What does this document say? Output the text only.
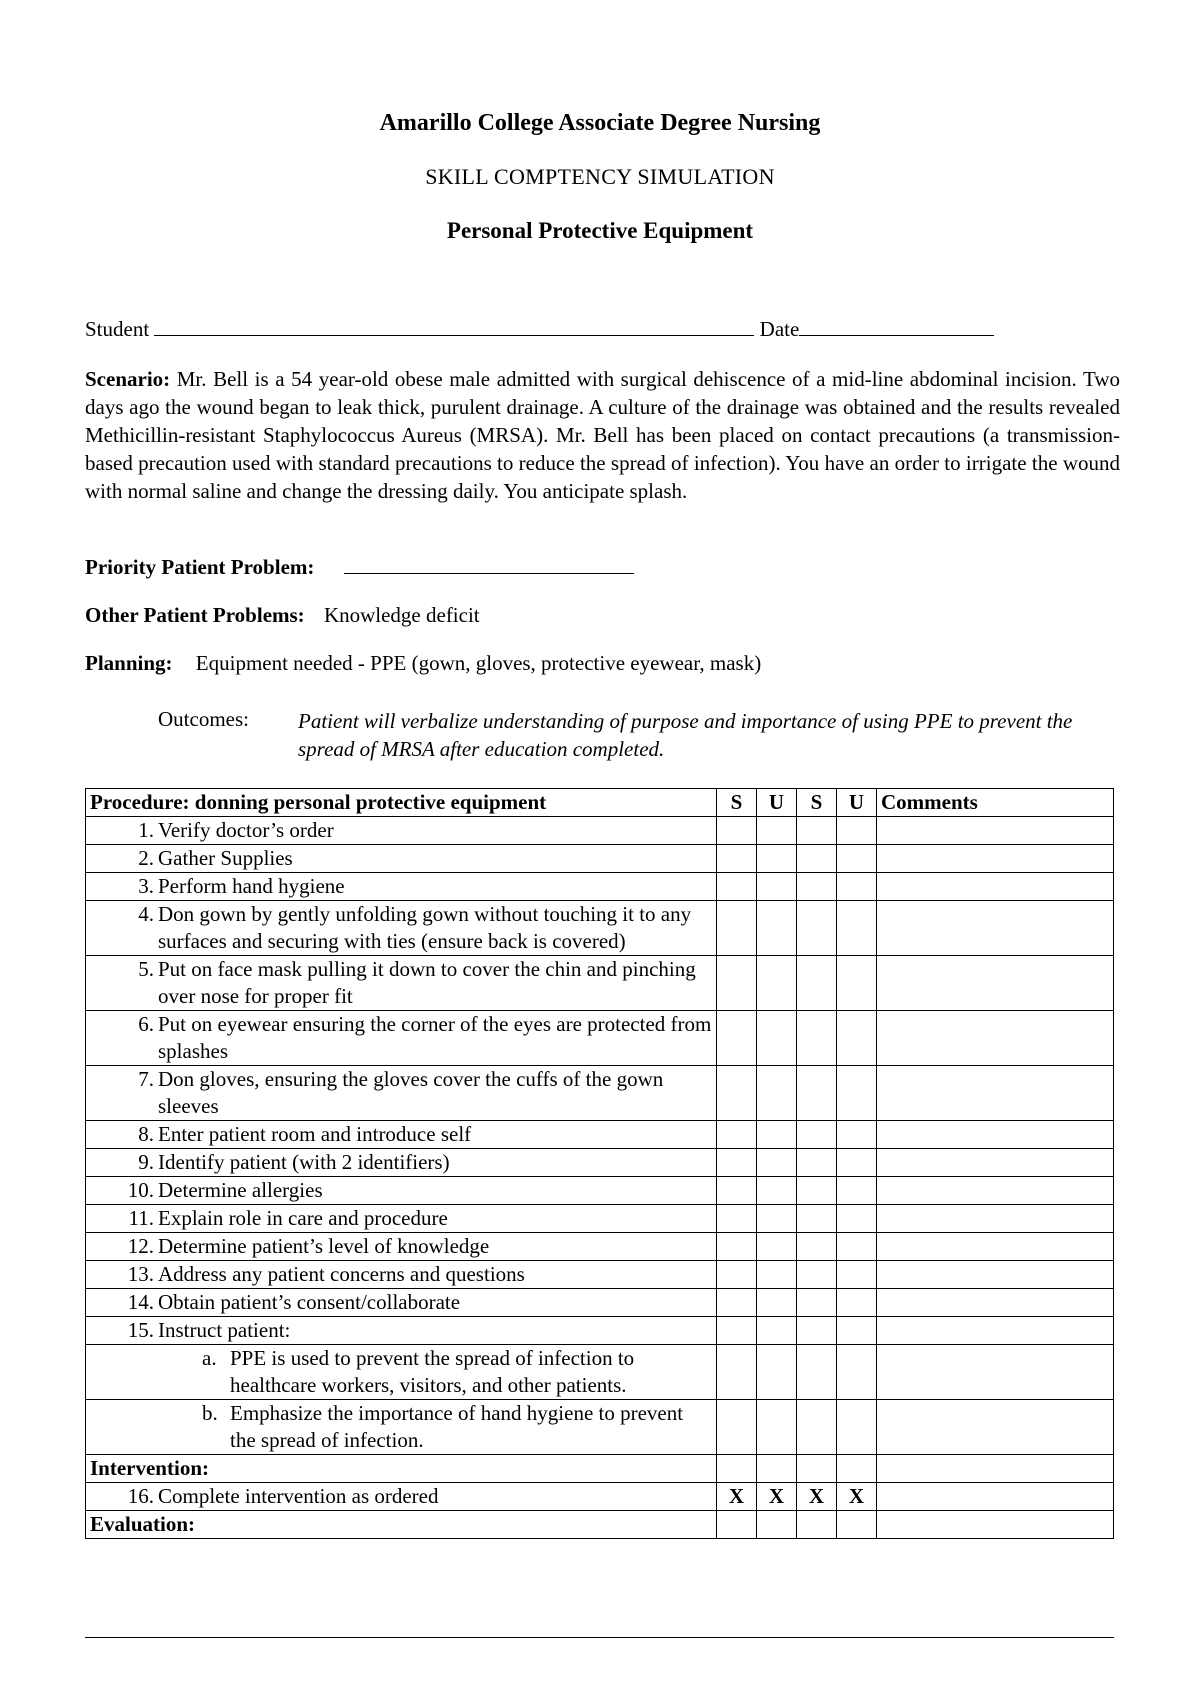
Amarillo College Associate Degree Nursing
SKILL COMPTENCY SIMULATION
Personal Protective Equipment
Student	Date
Scenario: Mr. Bell is a 54 year-old obese male admitted with surgical dehiscence of a mid-line abdominal incision. Two days ago the wound began to leak thick, purulent drainage. A culture of the drainage was obtained and the results revealed Methicillin-resistant Staphylococcus Aureus (MRSA). Mr. Bell has been placed on contact precautions (a transmission-based precaution used with standard precautions to reduce the spread of infection). You have an order to irrigate the wound with normal saline and change the dressing daily. You anticipate splash.
Priority Patient Problem:
Other Patient Problems: Knowledge deficit
Planning: Equipment needed - PPE (gown, gloves, protective eyewear, mask)
Outcomes: Patient will verbalize understanding of purpose and importance of using PPE to prevent the spread of MRSA after education completed.
Procedure: donning personal protective equipment	S	U	S	U	Comments

1. Verify doctor’s order					

2. Gather Supplies					

3. Perform hand hygiene					

4. Don gown by gently unfolding gown without touching it to any surfaces and securing with ties (ensure back is covered)					

5. Put on face mask pulling it down to cover the chin and pinching over nose for proper fit					

6. Put on eyewear ensuring the corner of the eyes are protected from splashes					

7. Don gloves, ensuring the gloves cover the cuffs of the gown sleeves					

8. Enter patient room and introduce self					

9. Identify patient (with 2 identifiers)					

10. Determine allergies					

11. Explain role in care and procedure					

12. Determine patient’s level of knowledge					

13. Address any patient concerns and questions					

14. Obtain patient’s consent/collaborate					

15. Instruct patient:					

a. PPE is used to prevent the spread of infection to healthcare workers, visitors, and other patients.					

b. Emphasize the importance of hand hygiene to prevent the spread of infection.					

Intervention:					

16. Complete intervention as ordered	X	X	X	X	
Evaluation:					
